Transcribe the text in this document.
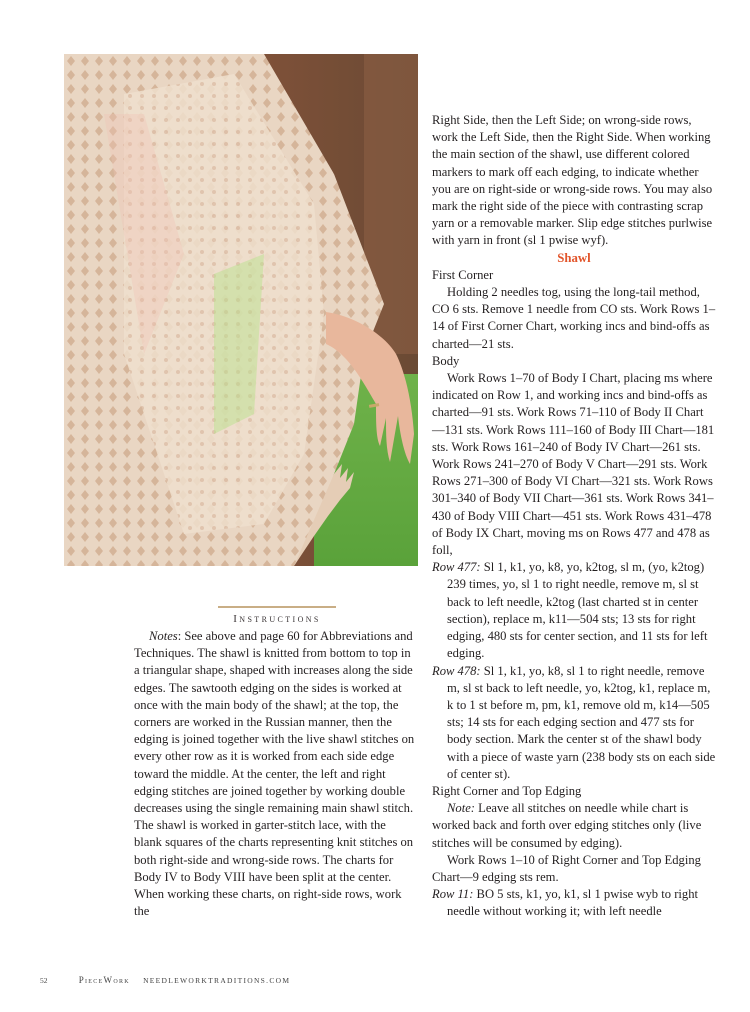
Instructions

Notes: See above and page 60 for Abbreviations and Techniques. The shawl is knitted from bottom to top in a triangular shape, shaped with increases along the side edges. The sawtooth edging on the sides is worked at once with the main body of the shawl; at the top, the corners are worked in the Russian manner, then the edging is joined together with the live shawl stitches on every other row as it is worked from each side edge toward the middle. At the center, the left and right edging stitches are joined together by working double decreases using the single remaining main shawl stitch. The shawl is worked in garter-stitch lace, with the blank squares of the charts representing knit stitches on both right-side and wrong-side rows. The charts for Body IV to Body VIII have been split at the center. When working these charts, on right-side rows, work the

Right Side, then the Left Side; on wrong-side rows, work the Left Side, then the Right Side. When working the main section of the shawl, use different colored markers to mark off each edging, to indicate whether you are on right-side or wrong-side rows. You may also mark the right side of the piece with contrasting scrap yarn or a removable marker. Slip edge stitches purlwise with yarn in front (sl 1 pwise wyf).

Shawl

First Corner

Holding 2 needles tog, using the long-tail method, CO 6 sts. Remove 1 needle from CO sts. Work Rows 1–14 of First Corner Chart, working incs and bind-offs as charted—21 sts.

Body

Work Rows 1–70 of Body I Chart, placing ms where indicated on Row 1, and working incs and bind-offs as charted—91 sts. Work Rows 71–110 of Body II Chart—131 sts. Work Rows 111–160 of Body III Chart—181 sts. Work Rows 161–240 of Body IV Chart—261 sts. Work Rows 241–270 of Body V Chart—291 sts. Work Rows 271–300 of Body VI Chart—321 sts. Work Rows 301–340 of Body VII Chart—361 sts. Work Rows 341–430 of Body VIII Chart—451 sts. Work Rows 431–478 of Body IX Chart, moving ms on Rows 477 and 478 as foll,

Row 477: Sl 1, k1, yo, k8, yo, k2tog, sl m, (yo, k2tog) 239 times, yo, sl 1 to right needle, remove m, sl st back to left needle, k2tog (last charted st in center section), replace m, k11—504 sts; 13 sts for right edging, 480 sts for center section, and 11 sts for left edging.

Row 478: Sl 1, k1, yo, k8, sl 1 to right needle, remove m, sl st back to left needle, yo, k2tog, k1, replace m, k to 1 st before m, pm, k1, remove old m, k14—505 sts; 14 sts for each edging section and 477 sts for body section. Mark the center st of the shawl body with a piece of waste yarn (238 body sts on each side of center st).

Right Corner and Top Edging

Note: Leave all stitches on needle while chart is worked back and forth over edging stitches only (live stitches will be consumed by edging).

Work Rows 1–10 of Right Corner and Top Edging Chart—9 edging sts rem.

Row 11: BO 5 sts, k1, yo, k1, sl 1 pwise wyb to right needle without working it; with left needle

52	PieceWork NEEDLEWORKTRADITIONS.COM
